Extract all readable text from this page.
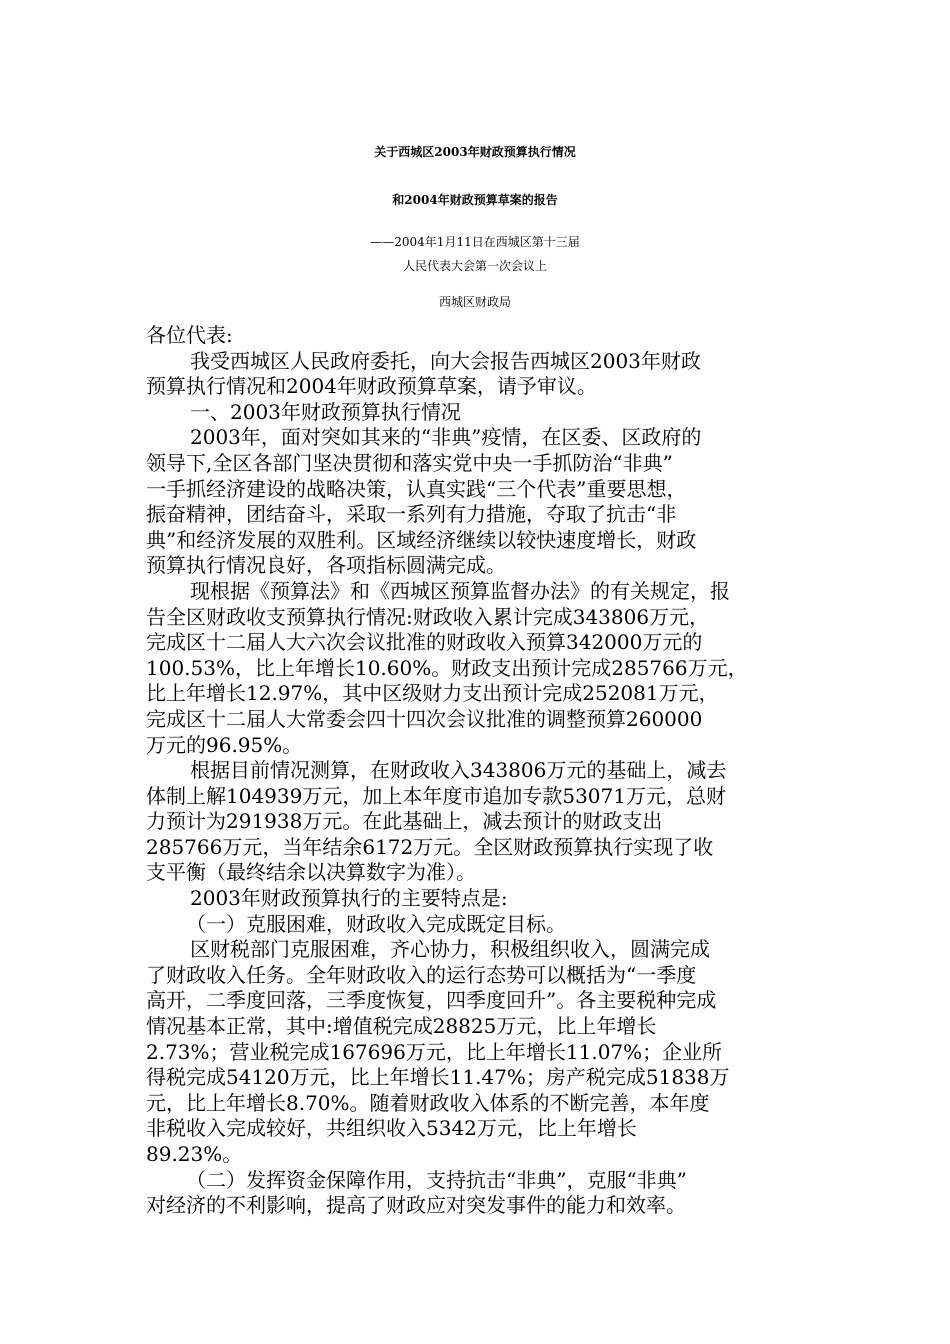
关于西城区2003年财政预算执行情况
和2004年财政预算草案的报告
——2004年1月11日在西城区第十三届
人民代表大会第一次会议上
西城区财政局
各位代表:
我受西城区人民政府委托，向大会报告西城区2003年财政
预算执行情况和2004年财政预算草案，请予审议。
一、2003年财政预算执行情况
2003年，面对突如其来的“非典”疫情，在区委、区政府的
领导下,全区各部门坚决贯彻和落实党中央一手抓防治“非典”
一手抓经济建设的战略决策，认真实践“三个代表”重要思想，
振奋精神，团结奋斗，采取一系列有力措施，夺取了抗击“非
典”和经济发展的双胜利。区域经济继续以较快速度增长，财政
预算执行情况良好，各项指标圆满完成。
现根据《预算法》和《西城区预算监督办法》的有关规定，报
告全区财政收支预算执行情况:财政收入累计完成343806万元，
完成区十二届人大六次会议批准的财政收入预算342000万元的
100.53%，比上年增长10.60%。财政支出预计完成285766万元，
比上年增长12.97%，其中区级财力支出预计完成252081万元，
完成区十二届人大常委会四十四次会议批准的调整预算260000
万元的96.95%。
根据目前情况测算，在财政收入343806万元的基础上，减去
体制上解104939万元，加上本年度市追加专款53071万元，总财
力预计为291938万元。在此基础上，减去预计的财政支出
285766万元，当年结余6172万元。全区财政预算执行实现了收
支平衡（最终结余以决算数字为准）。
2003年财政预算执行的主要特点是:
（一）克服困难，财政收入完成既定目标。
区财税部门克服困难，齐心协力，积极组织收入，圆满完成
了财政收入任务。全年财政收入的运行态势可以概括为“一季度
高开，二季度回落，三季度恢复，四季度回升”。各主要税种完成
情况基本正常，其中:增值税完成28825万元，比上年增长
2.73%；营业税完成167696万元，比上年增长11.07%；企业所
得税完成54120万元，比上年增长11.47%；房产税完成51838万
元，比上年增长8.70%。随着财政收入体系的不断完善，本年度
非税收入完成较好，共组织收入5342万元，比上年增长
89.23%。
（二）发挥资金保障作用，支持抗击“非典”，克服“非典”
对经济的不利影响，提高了财政应对突发事件的能力和效率。
